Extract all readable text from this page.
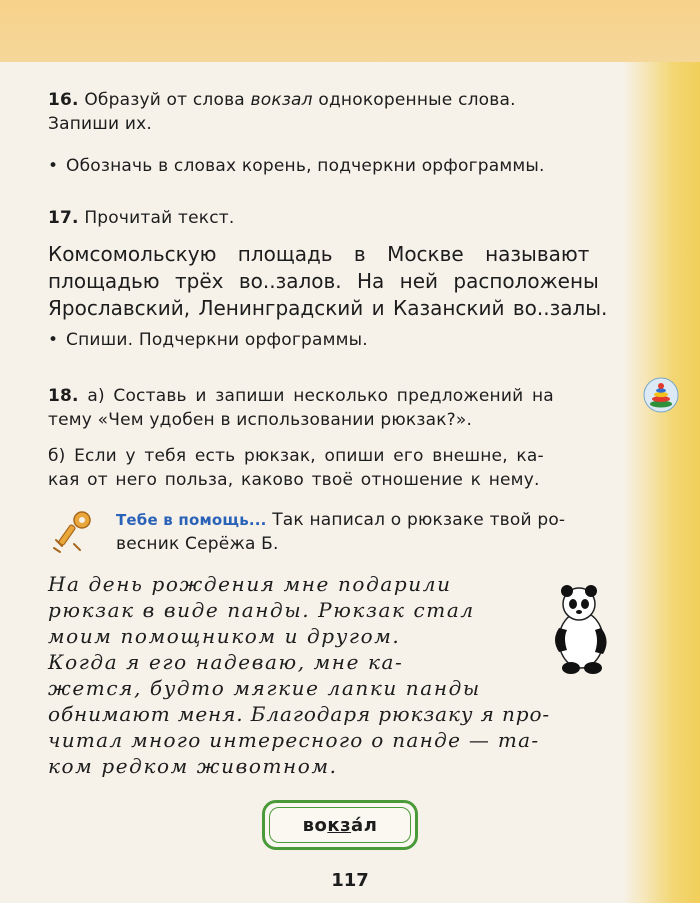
16. Образуй от слова вокзал однокоренные слова.
Запиши их.
• Обозначь в словах корень, подчеркни орфограммы.
17. Прочитай текст.
Комсомольскую площадь в Москве называют
площадью трёх во..залов. На ней расположены
Ярославский, Ленинградский и Казанский во..залы.
• Спиши. Подчеркни орфограммы.
18. а) Составь и запиши несколько предложений на
тему «Чем удобен в использовании рюкзак?».
б) Если у тебя есть рюкзак, опиши его внешне, ка-
кая от него польза, каково твоё отношение к нему.
Тебе в помощь... Так написал о рюкзаке твой ро-
весник Серёжа Б.
На день рождения мне подарили
рюкзак в виде панды. Рюкзак стал
моим помощником и другом.
Когда я его надеваю, мне ка-
жется, будто мягкие лапки панды
обнимают меня. Благодаря рюкзаку я про-
читал много интересного о панде — та-
ком редком животном.
во кз а́л
117
